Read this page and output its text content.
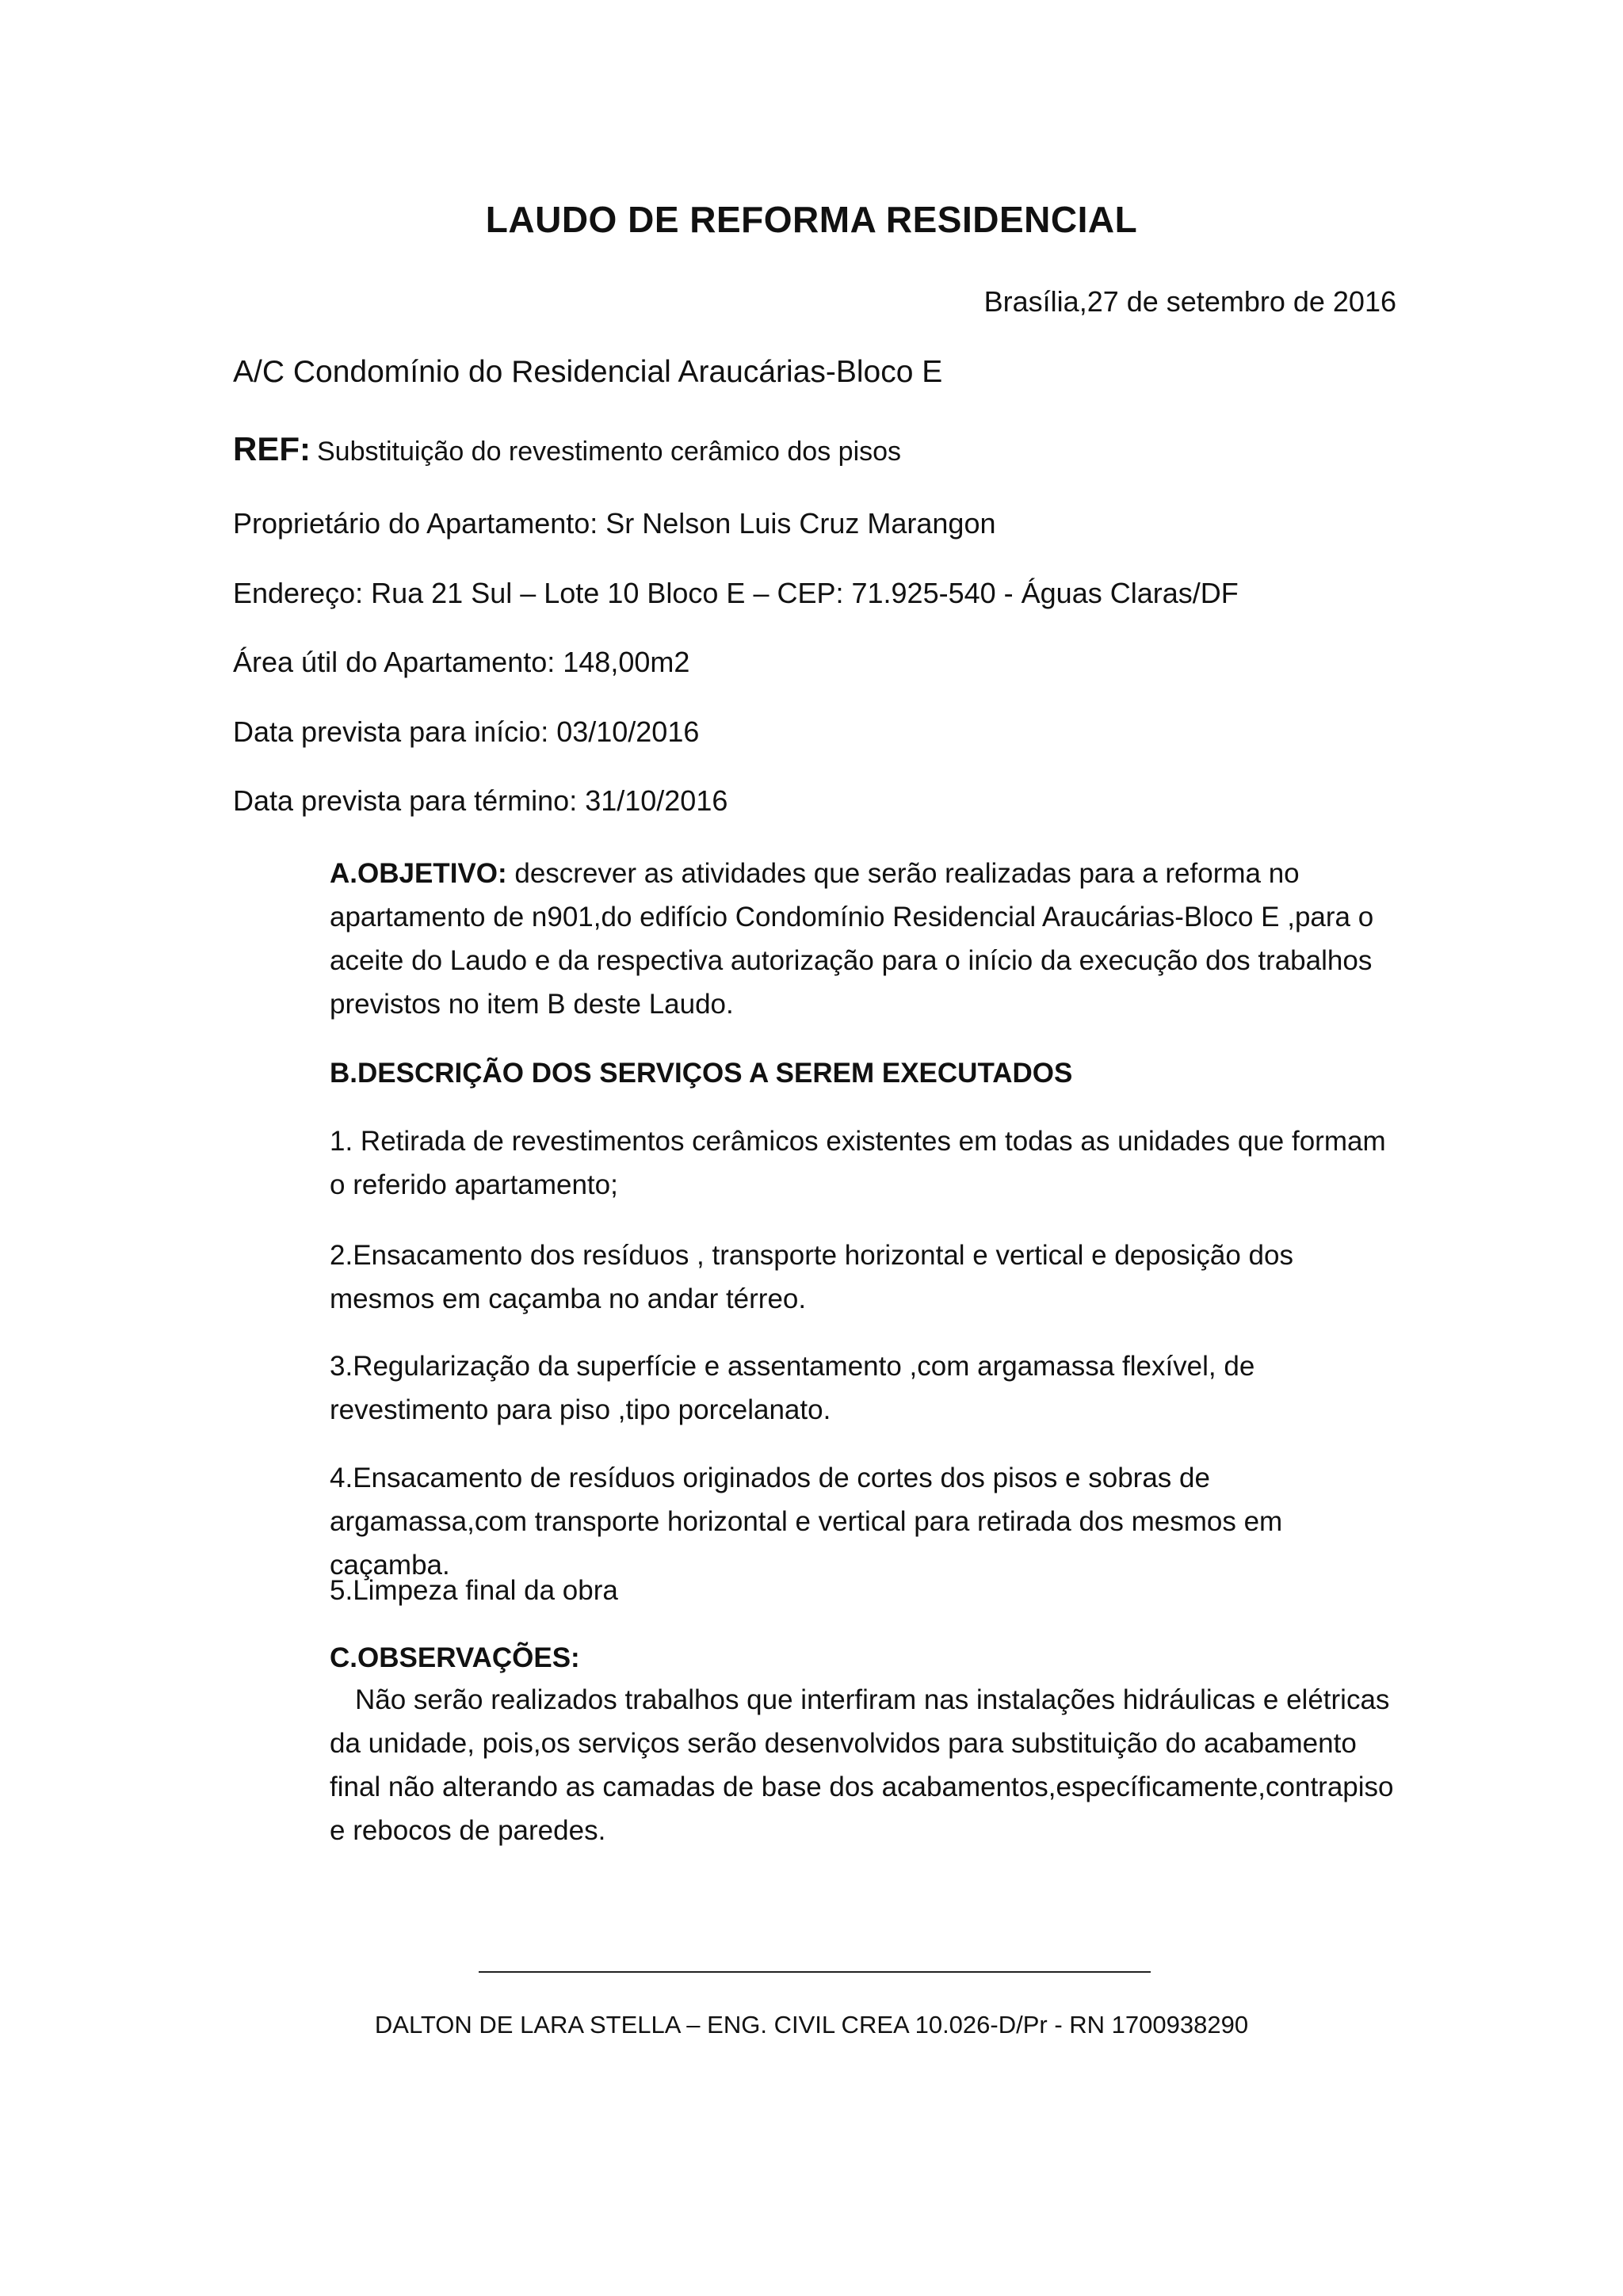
LAUDO DE REFORMA RESIDENCIAL
Brasília,27 de setembro de 2016
A/C Condomínio do Residencial Araucárias-Bloco E
REF: Substituição do revestimento cerâmico dos pisos
Proprietário do Apartamento: Sr Nelson Luis Cruz Marangon
Endereço: Rua 21 Sul – Lote 10 Bloco E – CEP: 71.925-540 - Águas Claras/DF
Área útil do Apartamento: 148,00m2
Data prevista para início: 03/10/2016
Data prevista para término: 31/10/2016
A.OBJETIVO: descrever as atividades que serão realizadas para a reforma no apartamento de n901,do edifício Condomínio Residencial Araucárias-Bloco E ,para o aceite do Laudo e da respectiva autorização para o início da execução dos trabalhos previstos no item B deste Laudo.
B.DESCRIÇÃO DOS SERVIÇOS A SEREM EXECUTADOS
1. Retirada de revestimentos cerâmicos existentes em todas as unidades que formam o referido apartamento;
2.Ensacamento dos resíduos , transporte horizontal e vertical e deposição dos mesmos em caçamba no andar térreo.
3.Regularização da superfície e assentamento ,com argamassa flexível, de revestimento para piso ,tipo porcelanato.
4.Ensacamento de resíduos originados de cortes dos pisos e sobras de argamassa,com transporte horizontal e vertical para retirada dos mesmos em caçamba.
5.Limpeza final da obra
C.OBSERVAÇÕES:
Não serão realizados trabalhos que interfiram nas instalações hidráulicas e elétricas da unidade, pois,os serviços serão desenvolvidos para substituição do acabamento final não alterando as camadas de base dos acabamentos,específicamente,contrapiso e rebocos de paredes.
DALTON DE LARA STELLA – ENG. CIVIL CREA 10.026-D/Pr - RN 1700938290
